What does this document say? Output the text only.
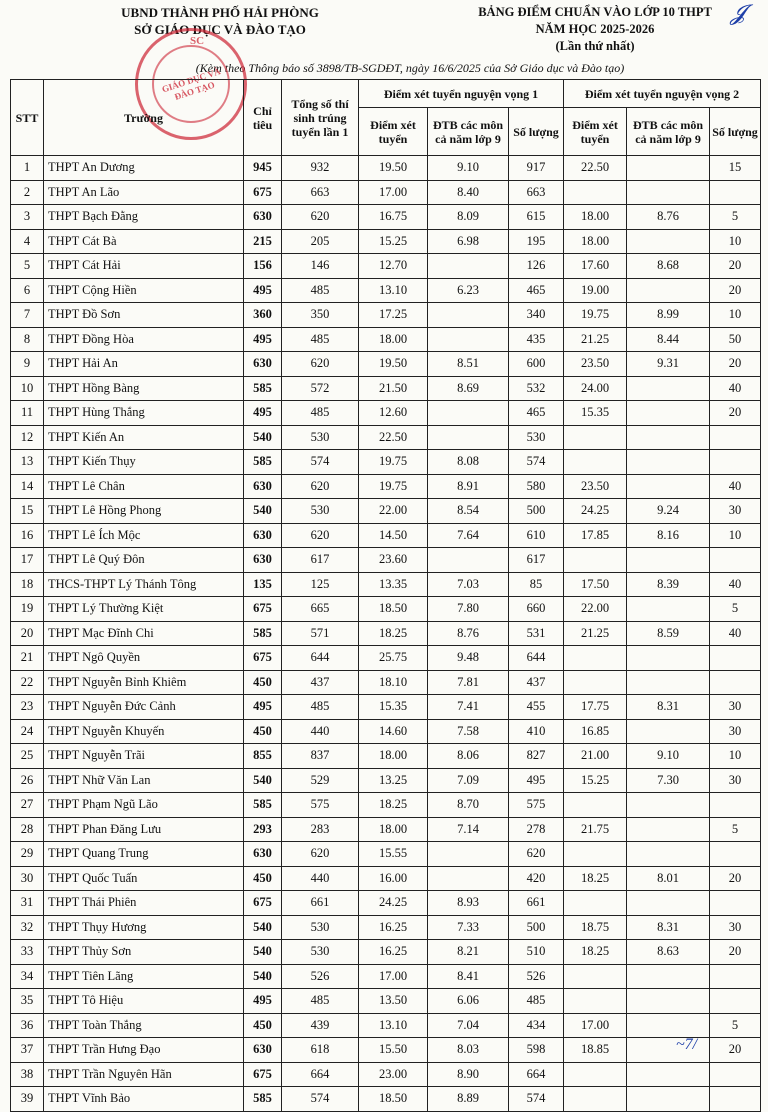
UBND THÀNH PHỐ HẢI PHÒNG
SỞ GIÁO DỤC VÀ ĐÀO TẠO
BẢNG ĐIỂM CHUẨN VÀO LỚP 10 THPT
NĂM HỌC 2025-2026
(Lần thứ nhất)
(Kèm theo Thông báo số 3898/TB-SGDĐT, ngày 16/6/2025 của Sở Giáo dục và Đào tạo)
GIÁO DỤC VÀ ĐÀO TẠO
SC
𝓙
~7/
STT	Trường	Chỉ tiêu	Tổng số thí sinh trúng tuyển lần 1	Điểm xét tuyển nguyện vọng 1			Điểm xét tuyển nguyện vọng 2		
				Điểm xét tuyển	ĐTB các môn cả năm lớp 9	Số lượng	Điểm xét tuyển	ĐTB các môn cả năm lớp 9	Số lượng
1	THPT An Dương	945	932	19.50	9.10	917	22.50		15
2	THPT An Lão	675	663	17.00	8.40	663			
3	THPT Bạch Đằng	630	620	16.75	8.09	615	18.00	8.76	5
4	THPT Cát Bà	215	205	15.25	6.98	195	18.00		10
5	THPT Cát Hải	156	146	12.70		126	17.60	8.68	20
6	THPT Cộng Hiền	495	485	13.10	6.23	465	19.00		20
7	THPT Đồ Sơn	360	350	17.25		340	19.75	8.99	10
8	THPT Đồng Hòa	495	485	18.00		435	21.25	8.44	50
9	THPT Hải An	630	620	19.50	8.51	600	23.50	9.31	20
10	THPT Hồng Bàng	585	572	21.50	8.69	532	24.00		40
11	THPT Hùng Thắng	495	485	12.60		465	15.35		20
12	THPT Kiến An	540	530	22.50		530			
13	THPT Kiến Thụy	585	574	19.75	8.08	574			
14	THPT Lê Chân	630	620	19.75	8.91	580	23.50		40
15	THPT Lê Hồng Phong	540	530	22.00	8.54	500	24.25	9.24	30
16	THPT Lê Ích Mộc	630	620	14.50	7.64	610	17.85	8.16	10
17	THPT Lê Quý Đôn	630	617	23.60		617			
18	THCS-THPT Lý Thánh Tông	135	125	13.35	7.03	85	17.50	8.39	40
19	THPT Lý Thường Kiệt	675	665	18.50	7.80	660	22.00		5
20	THPT Mạc Đĩnh Chi	585	571	18.25	8.76	531	21.25	8.59	40
21	THPT Ngô Quyền	675	644	25.75	9.48	644			
22	THPT Nguyễn Bỉnh Khiêm	450	437	18.10	7.81	437			
23	THPT Nguyễn Đức Cảnh	495	485	15.35	7.41	455	17.75	8.31	30
24	THPT Nguyễn Khuyến	450	440	14.60	7.58	410	16.85		30
25	THPT Nguyễn Trãi	855	837	18.00	8.06	827	21.00	9.10	10
26	THPT Nhữ Văn Lan	540	529	13.25	7.09	495	15.25	7.30	30
27	THPT Phạm Ngũ Lão	585	575	18.25	8.70	575			
28	THPT Phan Đăng Lưu	293	283	18.00	7.14	278	21.75		5
29	THPT Quang Trung	630	620	15.55		620			
30	THPT Quốc Tuấn	450	440	16.00		420	18.25	8.01	20
31	THPT Thái Phiên	675	661	24.25	8.93	661			
32	THPT Thụy Hương	540	530	16.25	7.33	500	18.75	8.31	30
33	THPT Thủy Sơn	540	530	16.25	8.21	510	18.25	8.63	20
34	THPT Tiên Lãng	540	526	17.00	8.41	526			
35	THPT Tô Hiệu	495	485	13.50	6.06	485			
36	THPT Toàn Thắng	450	439	13.10	7.04	434	17.00		5
37	THPT Trần Hưng Đạo	630	618	15.50	8.03	598	18.85		20
38	THPT Trần Nguyên Hãn	675	664	23.00	8.90	664			
39	THPT Vĩnh Bảo	585	574	18.50	8.89	574			
